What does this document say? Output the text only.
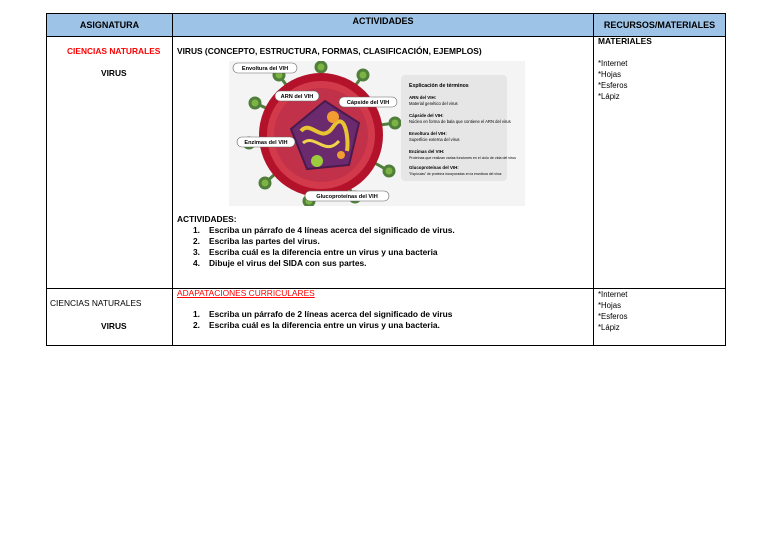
ASIGNATURA	ACTIVIDADES	RECURSOS/MATERIALES
CIENCIAS NATURALES
VIRUS
VIRUS (CONCEPTO, ESTRUCTURA, FORMAS, CLASIFICACIÓN, EJEMPLOS)
Envoltura del VIH
ARN del VIH
Cápside del VIH
Enzimas del VIH
Glucoproteínas del VIH
Explicación de términos
ARN del VIH:
Material genético del virus
Cápside del VIH:
Núcleo en forma de bala que contiene el ARN del virus
Envoltura del VIH:
Superficie externa del virus
Enzimas del VIH:
Proteínas que realizan varias funciones en el ciclo de vida del virus
Glucoproteínas del VIH:
"Espículas" de proteína incorporadas en la envoltura del virus
ACTIVIDADES:
1. Escriba un párrafo de 4 líneas acerca del significado de virus.
2. Escriba las partes del virus.
3. Escriba cuál es la diferencia entre un virus y una bacteria
4. Dibuje el virus del SIDA con sus partes.
MATERIALES
*Internet
*Hojas
*Esferos
*Lápiz
CIENCIAS NATURALES
VIRUS
ADAPATACIONES CURRICULARES
1. Escriba un párrafo de 2 líneas acerca del significado de virus
2. Escriba cuál es la diferencia entre un virus y una bacteria.
*Internet
*Hojas
*Esferos
*Lápiz
